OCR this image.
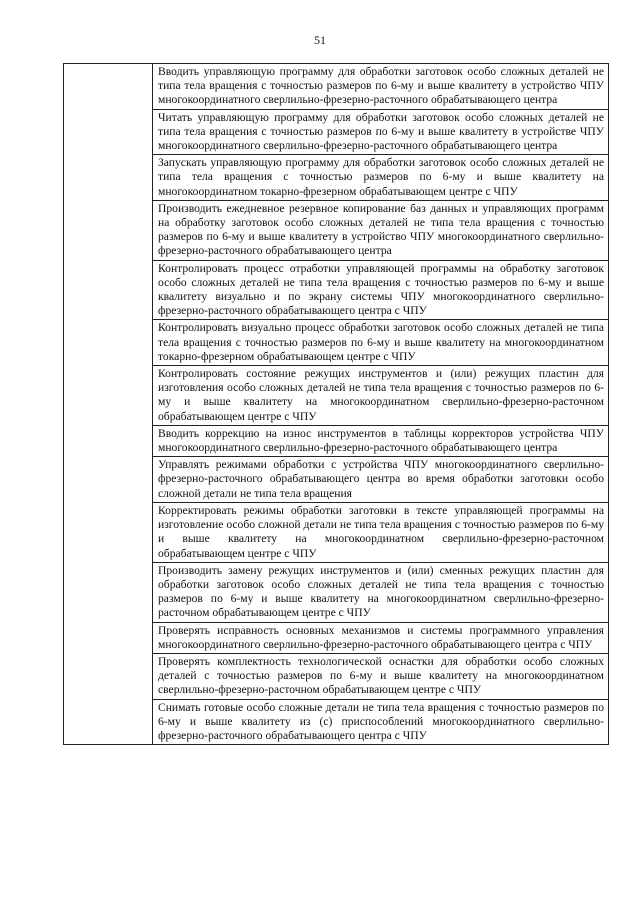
51
	Вводить управляющую программу для обработки заготовок особо сложных деталей не типа тела вращения с точностью размеров по 6-му и выше квалитету в устройство ЧПУ многокоординатного сверлильно-фрезерно-расточного обрабатывающего центра
Читать управляющую программу для обработки заготовок особо сложных деталей не типа тела вращения с точностью размеров по 6-му и выше квалитету в устройстве ЧПУ многокоординатного сверлильно-фрезерно-расточного обрабатывающего центра
Запускать управляющую программу для обработки заготовок особо сложных деталей не типа тела вращения с точностью размеров по 6-му и выше квалитету на многокоординатном токарно-фрезерном обрабатывающем центре с ЧПУ
Производить ежедневное резервное копирование баз данных и управляющих программ на обработку заготовок особо сложных деталей не типа тела вращения с точностью размеров по 6-му и выше квалитету в устройство ЧПУ многокоординатного сверлильно-фрезерно-расточного обрабатывающего центра
Контролировать процесс отработки управляющей программы на обработку заготовок особо сложных деталей не типа тела вращения с точностью размеров по 6-му и выше квалитету визуально и по экрану системы ЧПУ многокоординатного сверлильно-фрезерно-расточного обрабатывающего центра с ЧПУ
Контролировать визуально процесс обработки заготовок особо сложных деталей не типа тела вращения с точностью размеров по 6-му и выше квалитету на многокоординатном токарно-фрезерном обрабатывающем центре с ЧПУ
Контролировать состояние режущих инструментов и (или) режущих пластин для изготовления особо сложных деталей не типа тела вращения с точностью размеров по 6-му и выше квалитету на многокоординатном сверлильно-фрезерно-расточном обрабатывающем центре с ЧПУ
Вводить коррекцию на износ инструментов в таблицы корректоров устройства ЧПУ многокоординатного сверлильно-фрезерно-расточного обрабатывающего центра
Управлять режимами обработки с устройства ЧПУ многокоординатного сверлильно-фрезерно-расточного обрабатывающего центра во время обработки заготовки особо сложной детали не типа тела вращения
Корректировать режимы обработки заготовки в тексте управляющей программы на изготовление особо сложной детали не типа тела вращения с точностью размеров по 6-му и выше квалитету на многокоординатном сверлильно-фрезерно-расточном обрабатывающем центре с ЧПУ
Производить замену режущих инструментов и (или) сменных режущих пластин для обработки заготовок особо сложных деталей не типа тела вращения с точностью размеров по 6-му и выше квалитету на многокоординатном сверлильно-фрезерно-расточном обрабатывающем центре с ЧПУ
Проверять исправность основных механизмов и системы программного управления многокоординатного сверлильно-фрезерно-расточного обрабатывающего центра с ЧПУ
Проверять комплектность технологической оснастки для обработки особо сложных деталей с точностью размеров по 6-му и выше квалитету на многокоординатном сверлильно-фрезерно-расточном обрабатывающем центре с ЧПУ
Снимать готовые особо сложные детали не типа тела вращения с точностью размеров по 6-му и выше квалитету из (с) приспособлений многокоординатного сверлильно-фрезерно-расточного обрабатывающего центра с ЧПУ
